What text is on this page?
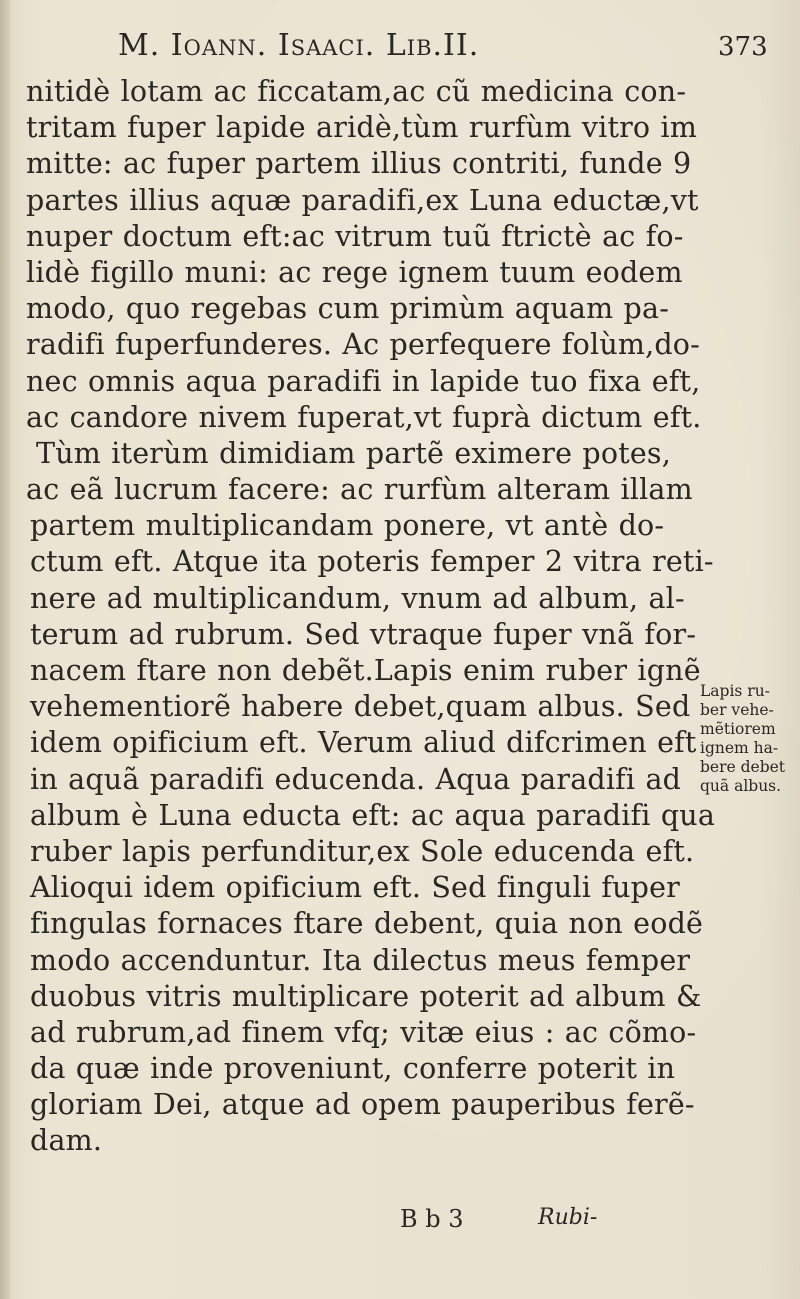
M. Ioann. Isaaci. Lib.II.	373
nitidè lotam ac ficcatam,ac cũ medicina con-
tritam fuper lapide aridè,tùm rurfùm vitro im
mitte: ac fuper partem illius contriti, funde 9
partes illius aquæ paradifi,ex Luna eductæ,vt
nuper doctum eft:ac vitrum tuũ ftrictè ac fo-
lidè figillo muni: ac rege ignem tuum eodem
modo, quo regebas cum primùm aquam pa-
radifi fuperfunderes. Ac perfequere folùm,do-
nec omnis aqua paradifi in lapide tuo fixa eft,
ac candore nivem fuperat,vt fuprà dictum eft.
Tùm iterùm dimidiam partẽ eximere potes,
ac eã lucrum facere: ac rurfùm alteram illam
partem multiplicandam ponere, vt antè do-
ctum eft. Atque ita poteris femper 2 vitra reti-
nere ad multiplicandum, vnum ad album, al-
terum ad rubrum. Sed vtraque fuper vnã for-
nacem ftare non debẽt.Lapis enim ruber ignẽ
vehementiorẽ habere debet,quam albus. Sed
idem opificium eft. Verum aliud difcrimen eft
in aquã paradifi educenda. Aqua paradifi ad
album è Luna educta eft: ac aqua paradifi qua
ruber lapis perfunditur,ex Sole educenda eft.
Alioqui idem opificium eft. Sed finguli fuper
fingulas fornaces ftare debent, quia non eodẽ
modo accenduntur. Ita dilectus meus femper
duobus vitris multiplicare poterit ad album &
ad rubrum,ad finem vfq; vitæ eius : ac cõmo-
da quæ inde proveniunt, conferre poterit in
gloriam Dei, atque ad opem pauperibus ferẽ-
dam.
Lapis ru-
ber vehe-
mẽtiorem
ignem ha-
bere debet
quã albus.
B b 3	Rubi-
